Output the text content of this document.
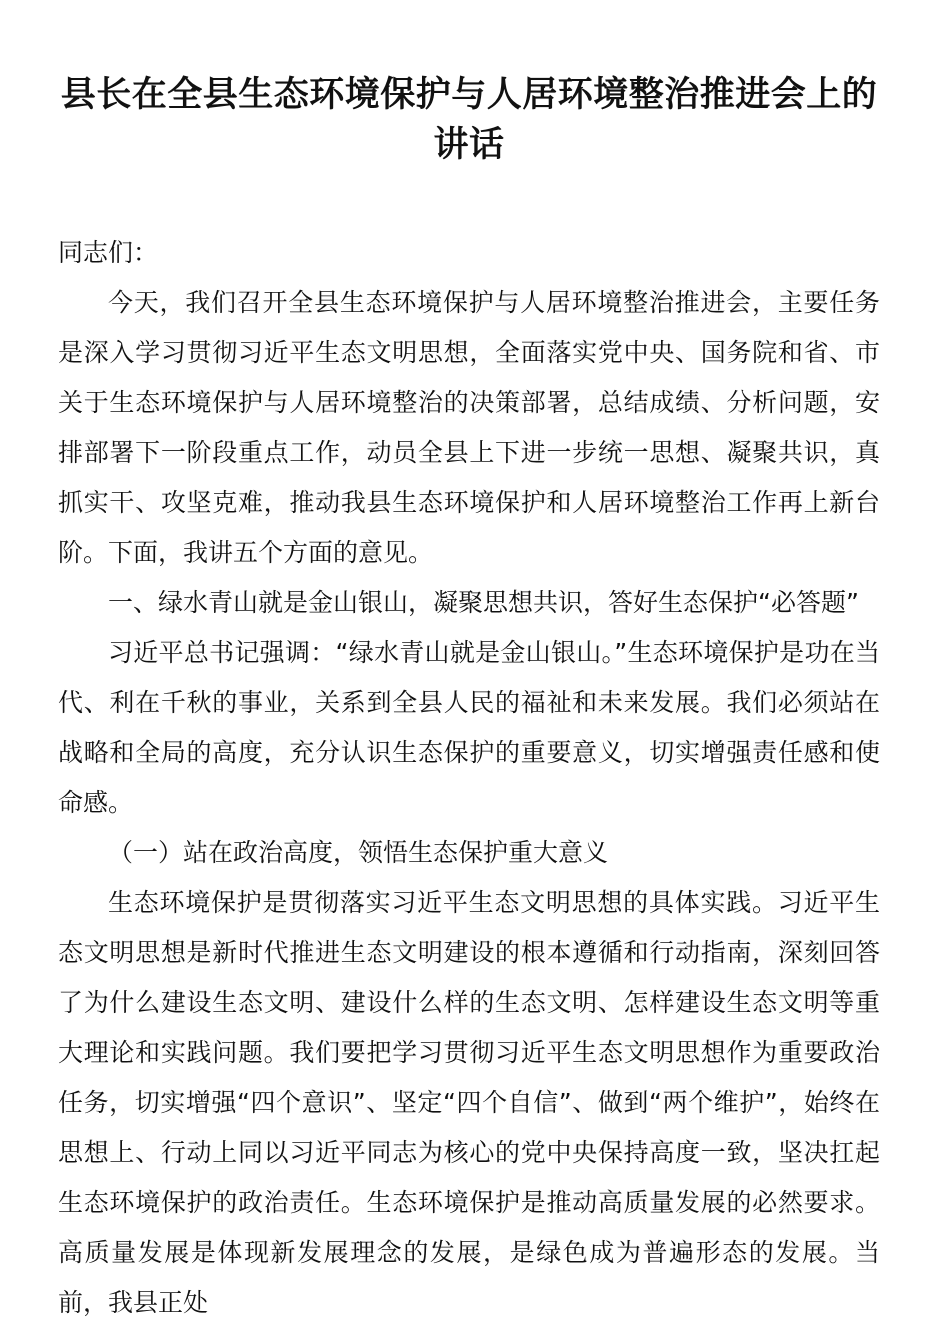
县长在全县生态环境保护与人居环境整治推进会上的
讲话

同志们：

今天，我们召开全县生态环境保护与人居环境整治推进会，主要任务是深入学习贯彻习近平生态文明思想，全面落实党中央、国务院和省、市关于生态环境保护与人居环境整治的决策部署，总结成绩、分析问题，安排部署下一阶段重点工作，动员全县上下进一步统一思想、凝聚共识，真抓实干、攻坚克难，推动我县生态环境保护和人居环境整治工作再上新台阶。下面，我讲五个方面的意见。

一、绿水青山就是金山银山，凝聚思想共识，答好生态保护“必答题”

习近平总书记强调：“绿水青山就是金山银山。”生态环境保护是功在当代、利在千秋的事业，关系到全县人民的福祉和未来发展。我们必须站在战略和全局的高度，充分认识生态保护的重要意义，切实增强责任感和使命感。

（一）站在政治高度，领悟生态保护重大意义

生态环境保护是贯彻落实习近平生态文明思想的具体实践。习近平生态文明思想是新时代推进生态文明建设的根本遵循和行动指南，深刻回答了为什么建设生态文明、建设什么样的生态文明、怎样建设生态文明等重大理论和实践问题。我们要把学习贯彻习近平生态文明思想作为重要政治任务，切实增强“四个意识”、坚定“四个自信”、做到“两个维护”，始终在思想上、行动上同以习近平同志为核心的党中央保持高度一致，坚决扛起生态环境保护的政治责任。生态环境保护是推动高质量发展的必然要求。高质量发展是体现新发展理念的发展，是绿色成为普遍形态的发展。当前，我县正处
